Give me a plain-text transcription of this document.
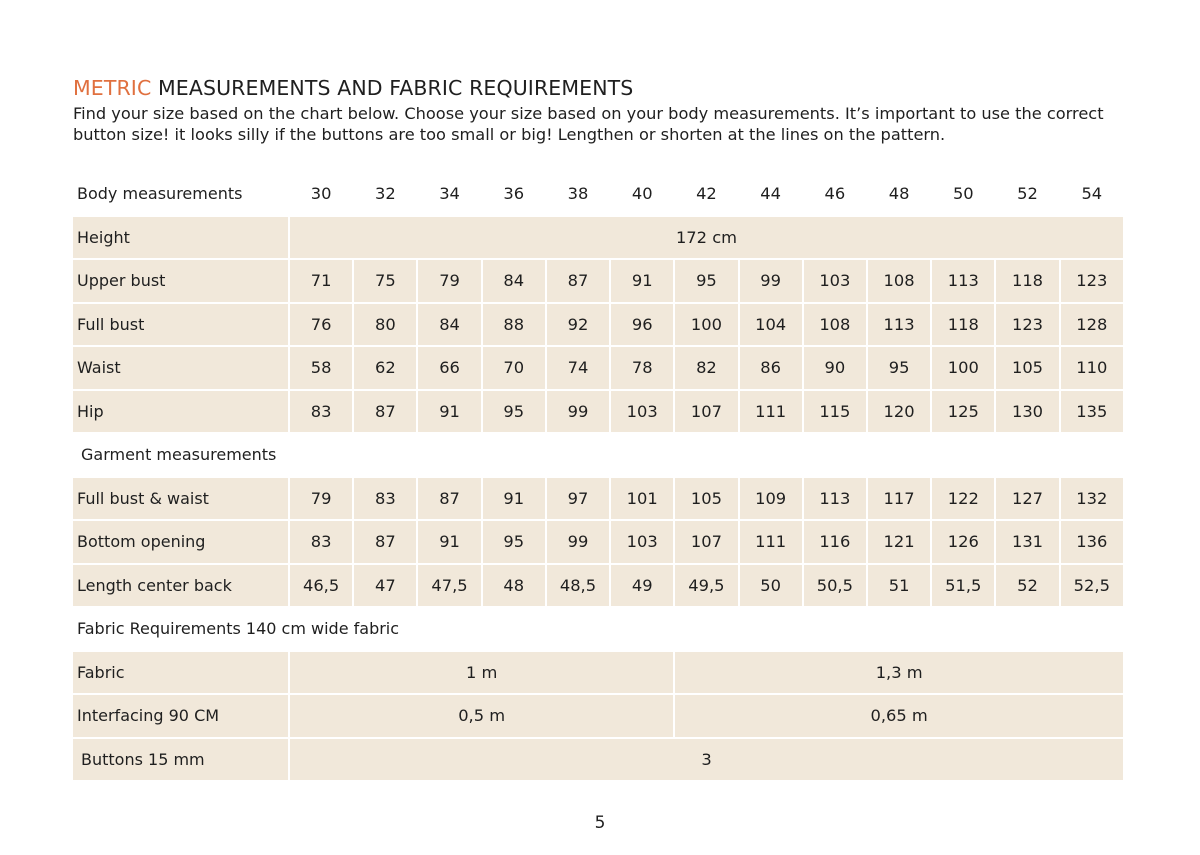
METRIC MEASUREMENTS AND FABRIC REQUIREMENTS

Find your size based on the chart below. Choose your size based on your body measurements. It’s important to use the correct button size! it looks silly if the buttons are too small or big! Lengthen or shorten at the lines on the pattern.

Body measurements	30	32	34	36	38	40	42	44	46	48	50	52	54
Height	172 cm												
Upper bust	71	75	79	84	87	91	95	99	103	108	113	118	123
Full bust	76	80	84	88	92	96	100	104	108	113	118	123	128
Waist	58	62	66	70	74	78	82	86	90	95	100	105	110
Hip	83	87	91	95	99	103	107	111	115	120	125	130	135
Garment measurements													
Full bust & waist	79	83	87	91	97	101	105	109	113	117	122	127	132
Bottom opening	83	87	91	95	99	103	107	111	116	121	126	131	136
Length center back	46,5	47	47,5	48	48,5	49	49,5	50	50,5	51	51,5	52	52,5
Fabric Requirements 140 cm wide fabric													
Fabric	1 m						1,3 m						
Interfacing 90 CM	0,5 m						0,65 m						
Buttons 15 mm	3												

5
